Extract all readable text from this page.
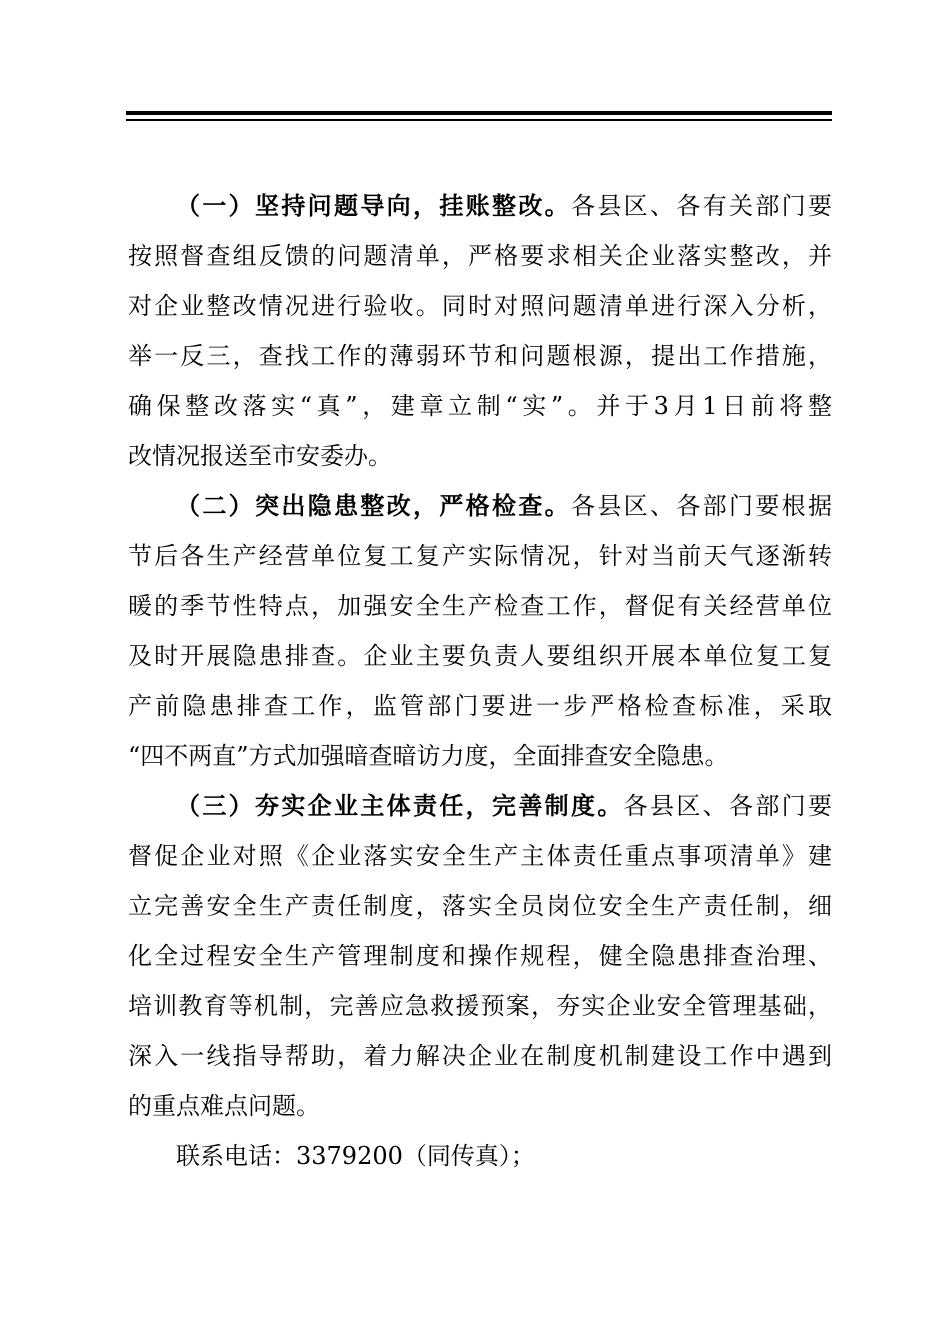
（一）坚持问题导向，挂账整改。各县区、各有关部门要
按照督查组反馈的问题清单，严格要求相关企业落实整改，并
对企业整改情况进行验收。同时对照问题清单进行深入分析，
举一反三，查找工作的薄弱环节和问题根源，提出工作措施，
确保整改落实“真”，建章立制“实”。并于3月1日前将整
改情况报送至市安委办。
（二）突出隐患整改，严格检查。各县区、各部门要根据
节后各生产经营单位复工复产实际情况，针对当前天气逐渐转
暖的季节性特点，加强安全生产检查工作，督促有关经营单位
及时开展隐患排查。企业主要负责人要组织开展本单位复工复
产前隐患排查工作，监管部门要进一步严格检查标准，采取
“四不两直”方式加强暗查暗访力度，全面排查安全隐患。
（三）夯实企业主体责任，完善制度。各县区、各部门要
督促企业对照《企业落实安全生产主体责任重点事项清单》建
立完善安全生产责任制度，落实全员岗位安全生产责任制，细
化全过程安全生产管理制度和操作规程，健全隐患排查治理、
培训教育等机制，完善应急救援预案，夯实企业安全管理基础，
深入一线指导帮助，着力解决企业在制度机制建设工作中遇到
的重点难点问题。
联系电话：3379200（同传真）；
